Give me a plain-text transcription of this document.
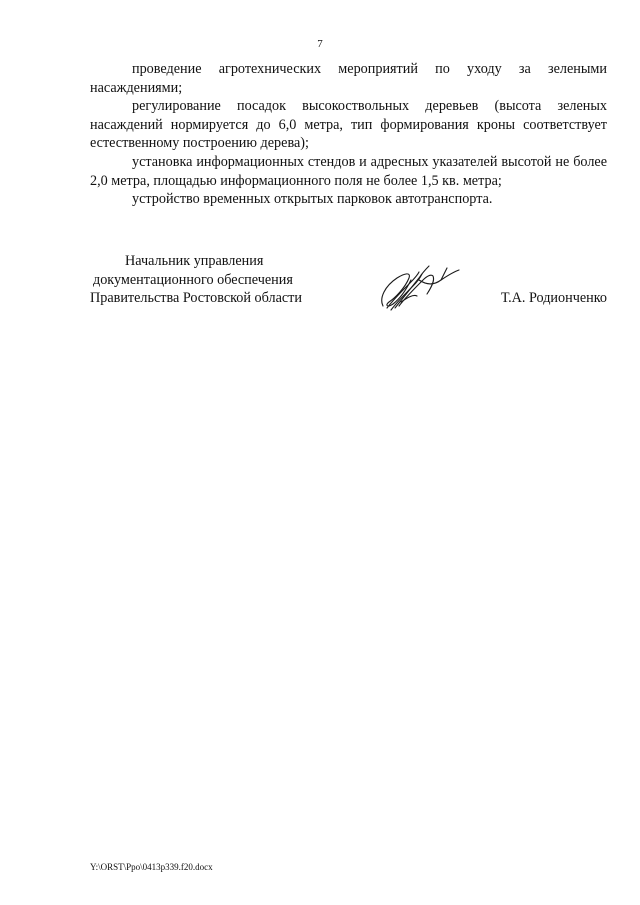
7

проведение агротехнических мероприятий по уходу за зелеными насаждениями;

регулирование посадок высокоствольных деревьев (высота зеленых насаждений нормируется до 6,0 метра, тип формирования кроны соответствует естественному построению дерева);

установка информационных стендов и адресных указателей высотой не более 2,0 метра, площадью информационного поля не более 1,5 кв. метра;

устройство временных открытых парковок автотранспорта.

Начальник управления
документационного обеспечения
Правительства Ростовской области	Т.А. Родионченко
Y:\ORST\Ppo\0413p339.f20.docx
